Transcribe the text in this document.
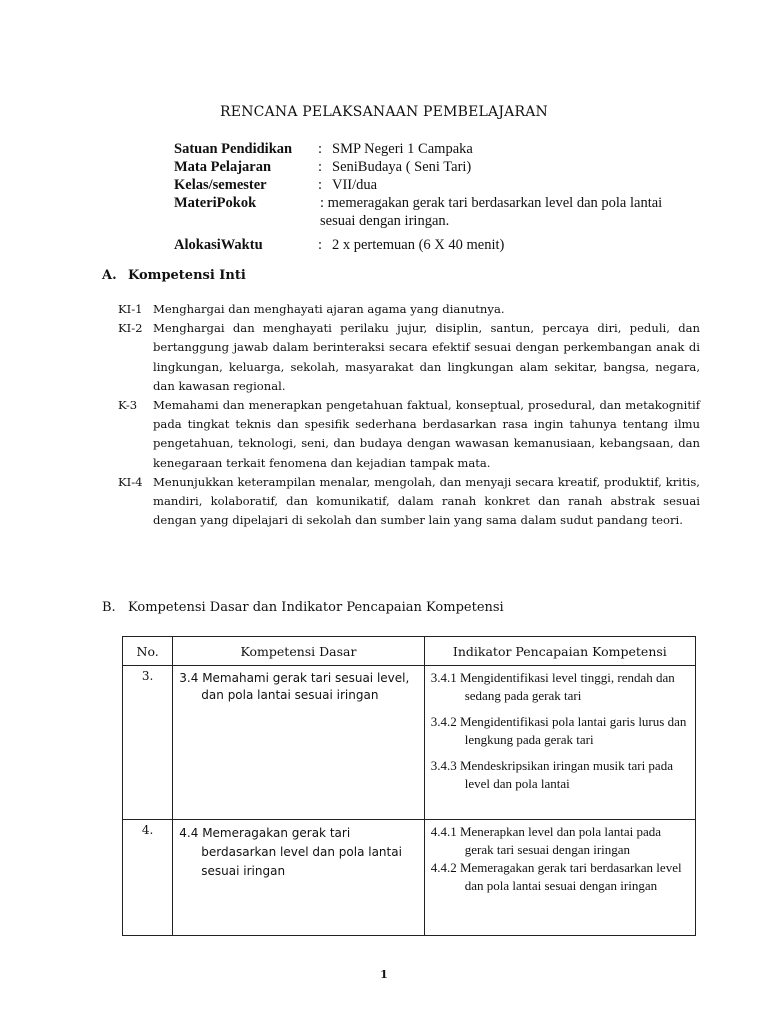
RENCANA PELAKSANAAN PEMBELAJARAN
Satuan Pendidikan : SMP Negeri 1 Campaka
Mata Pelajaran	: SeniBudaya ( Seni Tari)
Kelas/semester	: VII/dua
MateriPokok	: memeragakan gerak tari berdasarkan level dan pola lantai sesuai dengan iringan.
AlokasiWaktu	: 2 x pertemuan (6 X 40 menit)
A. Kompetensi Inti
KI-1 Menghargai dan menghayati ajaran agama yang dianutnya.
KI-2 Menghargai dan menghayati perilaku jujur, disiplin, santun, percaya diri, peduli, dan bertanggung jawab dalam berinteraksi secara efektif sesuai dengan perkembangan anak di lingkungan, keluarga, sekolah, masyarakat dan lingkungan alam sekitar, bangsa, negara, dan kawasan regional.
K-3 Memahami dan menerapkan pengetahuan faktual, konseptual, prosedural, dan metakognitif pada tingkat teknis dan spesifik sederhana berdasarkan rasa ingin tahunya tentang ilmu pengetahuan, teknologi, seni, dan budaya dengan wawasan kemanusiaan, kebangsaan, dan kenegaraan terkait fenomena dan kejadian tampak mata.
KI-4 Menunjukkan keterampilan menalar, mengolah, dan menyaji secara kreatif, produktif, kritis, mandiri, kolaboratif, dan komunikatif, dalam ranah konkret dan ranah abstrak sesuai dengan yang dipelajari di sekolah dan sumber lain yang sama dalam sudut pandang teori.
B. Kompetensi Dasar dan Indikator Pencapaian Kompetensi
No.	Kompetensi Dasar	Indikator Pencapaian Kompetensi
3.	3.4 Memahami gerak tari sesuai level, dan pola lantai sesuai iringan	3.4.1 Mengidentifikasi level tinggi, rendah dan sedang pada gerak tari
3.4.2 Mengidentifikasi pola lantai garis lurus dan lengkung pada gerak tari
3.4.3 Mendeskripsikan iringan musik tari pada level dan pola lantai

4.	4.4 Memeragakan gerak tari berdasarkan level dan pola lantai sesuai iringan	4.4.1 Menerapkan level dan pola lantai pada gerak tari sesuai dengan iringan
4.4.2 Memeragakan gerak tari berdasarkan level dan pola lantai sesuai dengan iringan
1
